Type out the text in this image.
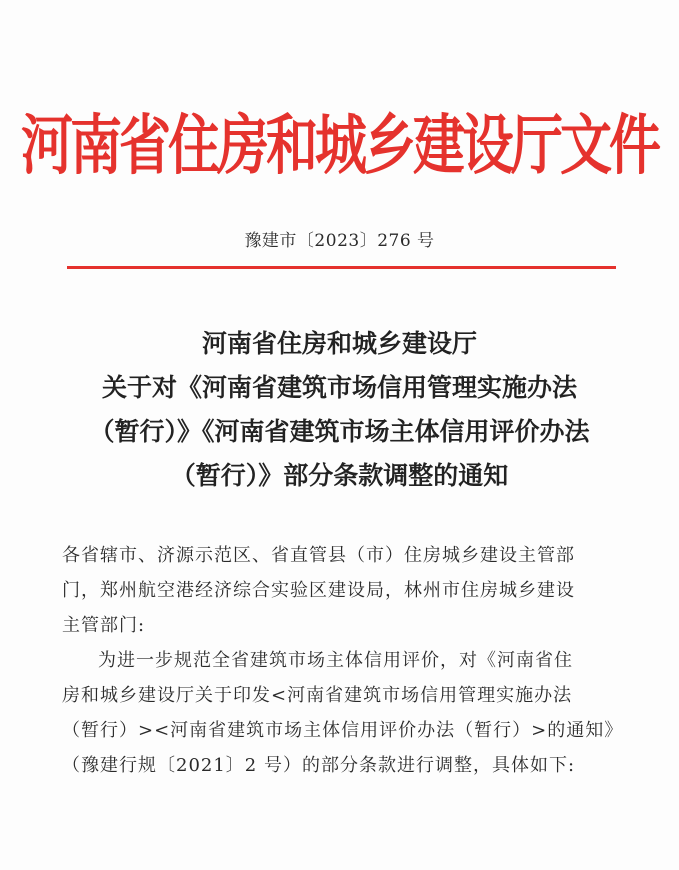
河南省住房和城乡建设厅文件
豫建市〔2023〕276 号
河南省住房和城乡建设厅
关于对《河南省建筑市场信用管理实施办法
（暂行）》《河南省建筑市场主体信用评价办法
（暂行）》部分条款调整的通知
各省辖市、济源示范区、省直管县（市）住房城乡建设主管部
门，郑州航空港经济综合实验区建设局，林州市住房城乡建设
主管部门:
为进一步规范全省建筑市场主体信用评价，对《河南省住
房和城乡建设厅关于印发<河南省建筑市场信用管理实施办法
（暂行）><河南省建筑市场主体信用评价办法（暂行）>的通知》
（豫建行规〔2021〕2 号）的部分条款进行调整，具体如下:
